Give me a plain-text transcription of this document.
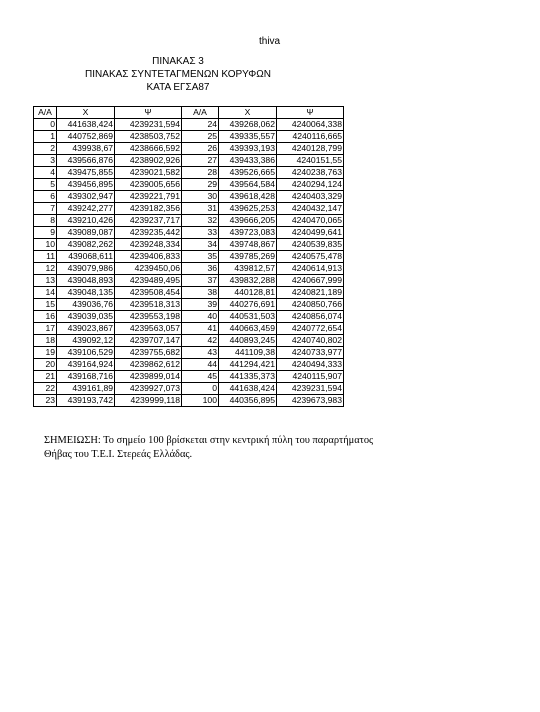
thiva
ΠΙΝΑΚΑΣ 3
ΠΙΝΑΚΑΣ ΣΥΝΤΕΤΑΓΜΕΝΩΝ ΚΟΡΥΦΩΝ
ΚΑΤΑ ΕΓΣΑ87
Α/Α	Χ	Ψ	Α/Α	Χ	Ψ
0	441638,424	4239231,594	24	439268,062	4240064,338
1	440752,869	4238503,752	25	439335,557	4240116,665
2	439938,67	4238666,592	26	439393,193	4240128,799
3	439566,876	4238902,926	27	439433,386	4240151,55
4	439475,855	4239021,582	28	439526,665	4240238,763
5	439456,895	4239005,656	29	439564,584	4240294,124
6	439302,947	4239221,791	30	439618,428	4240403,329
7	439242,277	4239182,356	31	439625,253	4240432,147
8	439210,426	4239237,717	32	439666,205	4240470,065
9	439089,087	4239235,442	33	439723,083	4240499,641
10	439082,262	4239248,334	34	439748,867	4240539,835
11	439068,611	4239406,833	35	439785,269	4240575,478
12	439079,986	4239450,06	36	439812,57	4240614,913
13	439048,893	4239489,495	37	439832,288	4240667,999
14	439048,135	4239508,454	38	440128,81	4240821,189
15	439036,76	4239518,313	39	440276,691	4240850,766
16	439039,035	4239553,198	40	440531,503	4240856,074
17	439023,867	4239563,057	41	440663,459	4240772,654
18	439092,12	4239707,147	42	440893,245	4240740,802
19	439106,529	4239755,682	43	441109,38	4240733,977
20	439164,924	4239862,612	44	441294,421	4240494,333
21	439168,716	4239899,014	45	441335,373	4240115,907
22	439161,89	4239927,073	0	441638,424	4239231,594
23	439193,742	4239999,118	100	440356,895	4239673,983
ΣΗΜΕΙΩΣΗ: Το σημείο 100 βρίσκεται στην κεντρική πύλη του παραρτήματος Θήβας του Τ.Ε.Ι. Στερεάς Ελλάδας.
